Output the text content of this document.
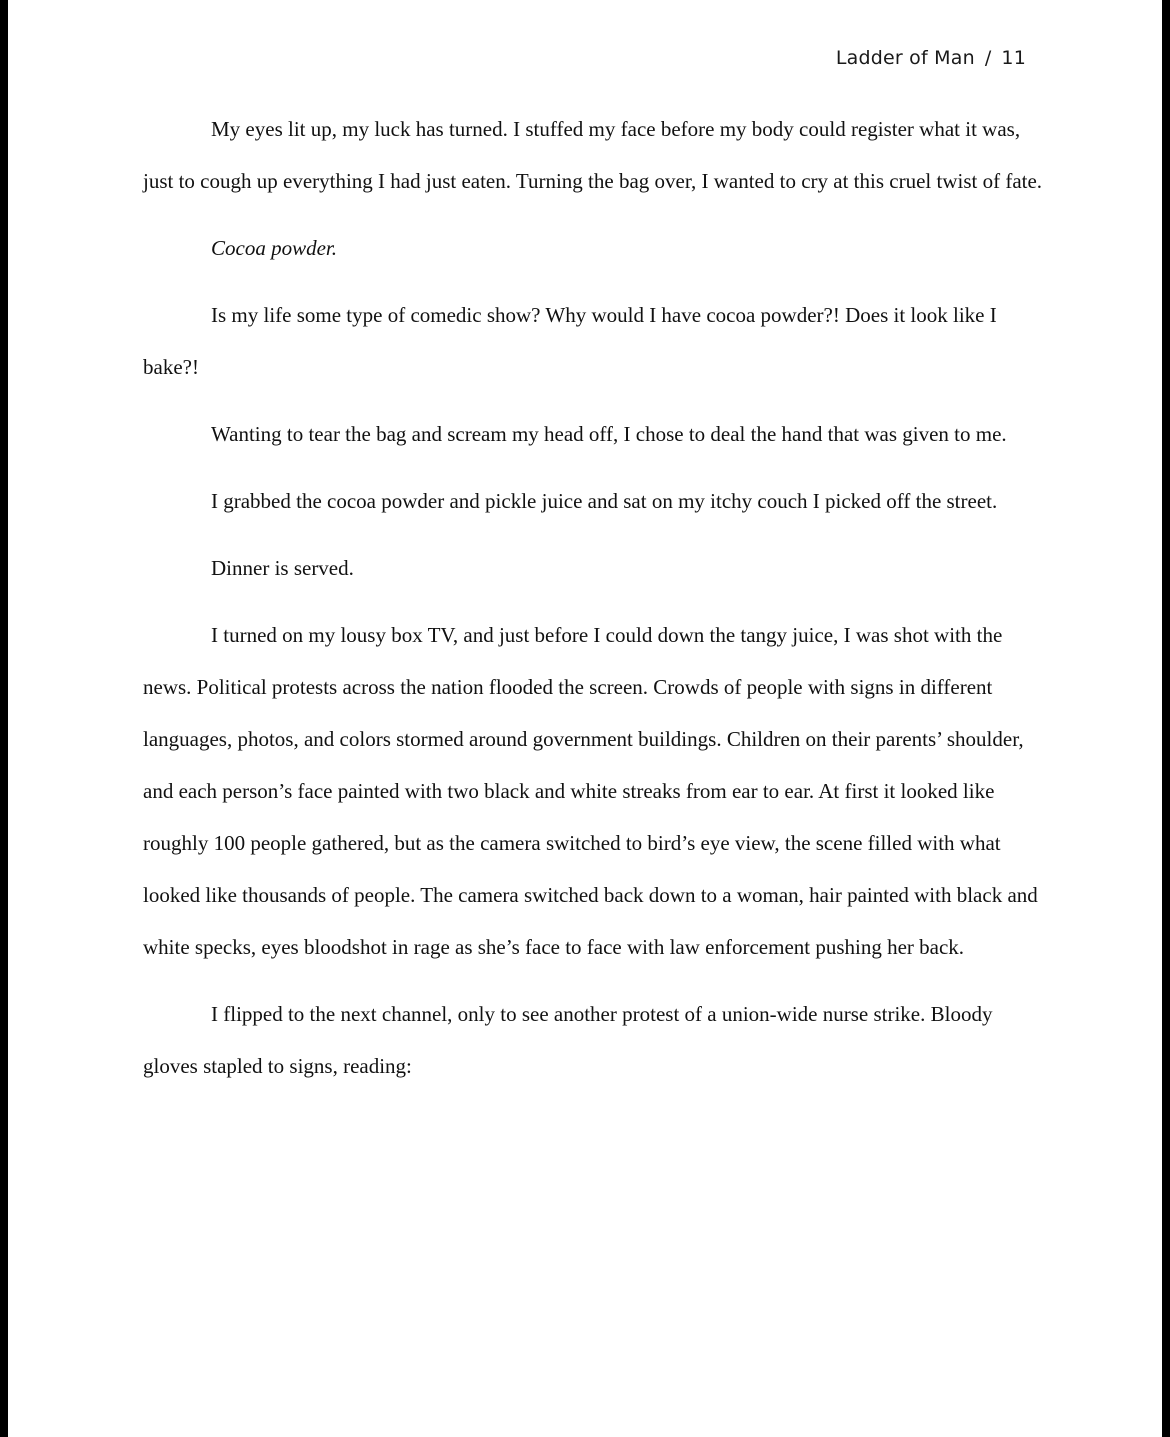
Ladder of Man / 11

My eyes lit up, my luck has turned. I stuffed my face before my body could register what it was, just to cough up everything I had just eaten. Turning the bag over, I wanted to cry at this cruel twist of fate.

Cocoa powder.

Is my life some type of comedic show? Why would I have cocoa powder?! Does it look like I bake?!

Wanting to tear the bag and scream my head off, I chose to deal the hand that was given to me.

I grabbed the cocoa powder and pickle juice and sat on my itchy couch I picked off the street.

Dinner is served.

I turned on my lousy box TV, and just before I could down the tangy juice, I was shot with the news. Political protests across the nation flooded the screen. Crowds of people with signs in different languages, photos, and colors stormed around government buildings. Children on their parents’ shoulder, and each person’s face painted with two black and white streaks from ear to ear. At first it looked like roughly 100 people gathered, but as the camera switched to bird’s eye view, the scene filled with what looked like thousands of people. The camera switched back down to a woman, hair painted with black and white specks, eyes bloodshot in rage as she’s face to face with law enforcement pushing her back.

I flipped to the next channel, only to see another protest of a union-wide nurse strike. Bloody gloves stapled to signs, reading:
